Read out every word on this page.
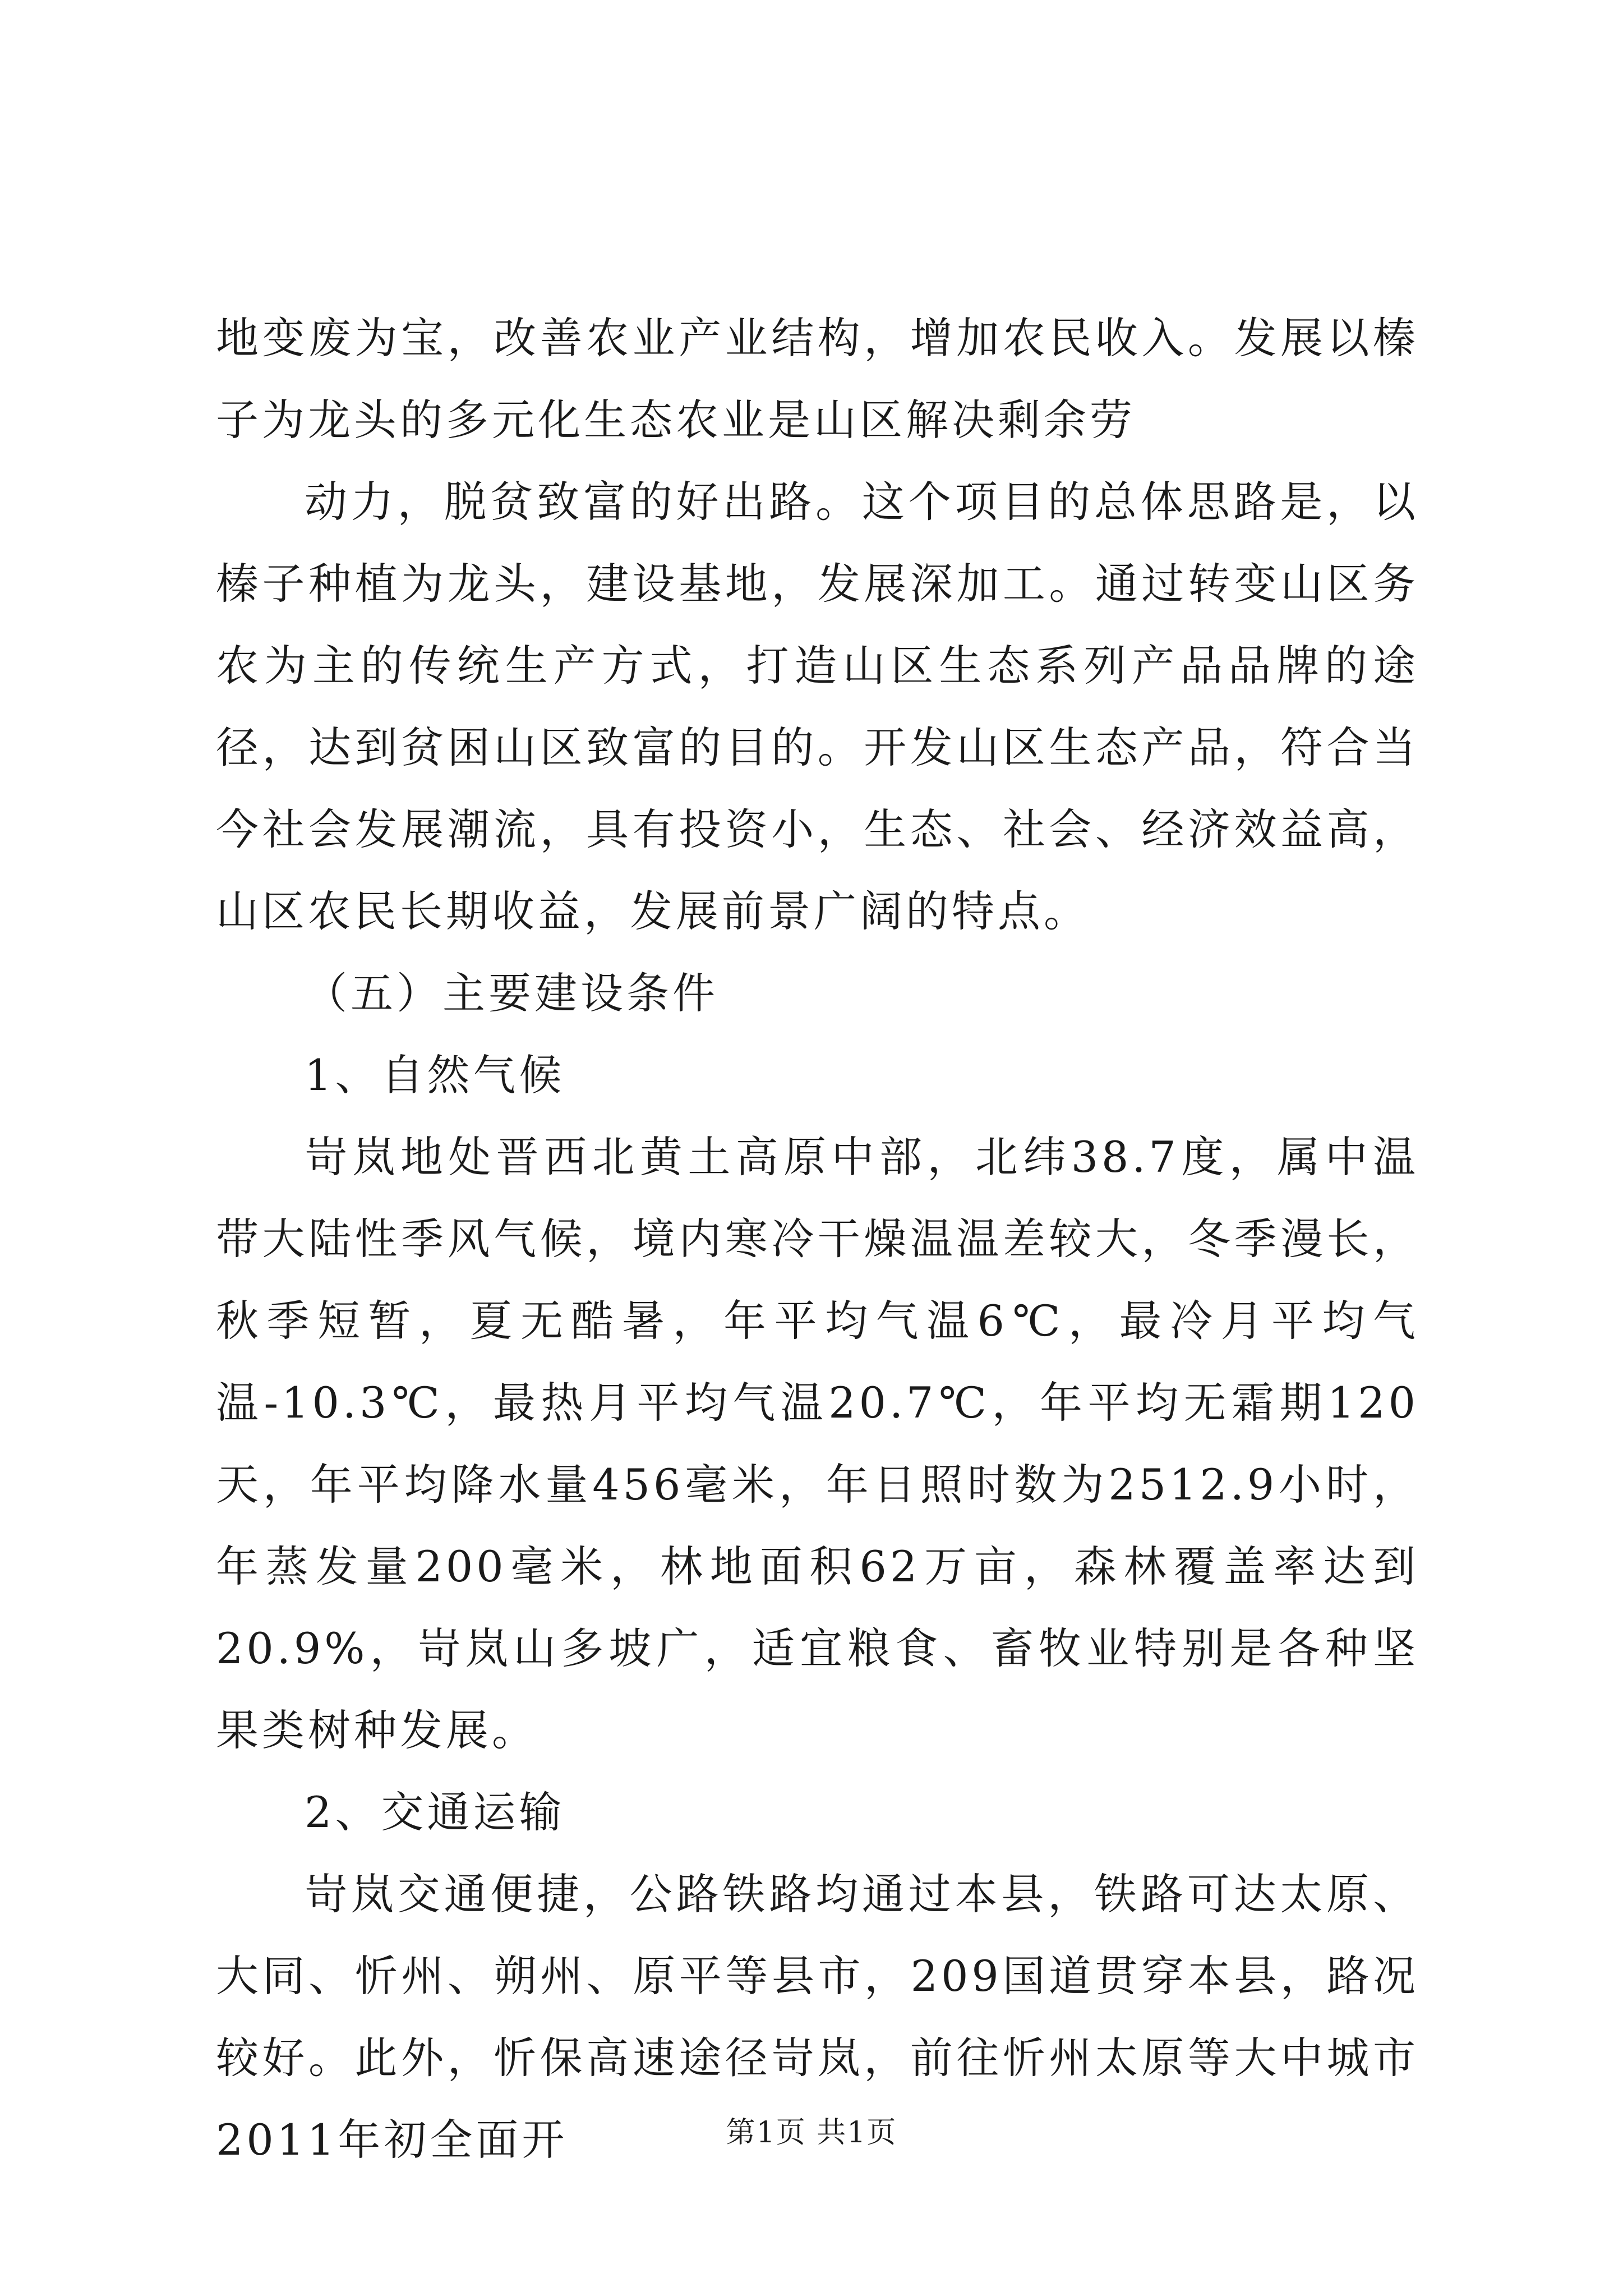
地变废为宝，改善农业产业结构，增加农民收入。发展以榛子为龙头的多元化生态农业是山区解决剩余劳

动力，脱贫致富的好出路。这个项目的总体思路是，以榛子种植为龙头，建设基地，发展深加工。通过转变山区务农为主的传统生产方式，打造山区生态系列产品品牌的途径，达到贫困山区致富的目的。开发山区生态产品，符合当今社会发展潮流，具有投资小，生态、社会、经济效益高，山区农民长期收益，发展前景广阔的特点。

（五）主要建设条件

1、自然气候

岢岚地处晋西北黄土高原中部，北纬38.7度，属中温带大陆性季风气候，境内寒冷干燥温温差较大，冬季漫长，秋季短暂，夏无酷暑，年平均气温6℃，最冷月平均气温-10.3℃，最热月平均气温20.7℃，年平均无霜期120天，年平均降水量456毫米，年日照时数为2512.9小时，年蒸发量200毫米，林地面积62万亩，森林覆盖率达到20.9%，岢岚山多坡广，适宜粮食、畜牧业特别是各种坚果类树种发展。

2、交通运输

岢岚交通便捷，公路铁路均通过本县，铁路可达太原、大同、忻州、朔州、原平等县市，209国道贯穿本县，路况较好。此外，忻保高速途径岢岚，前往忻州太原等大中城市2011年初全面开	第1页 共1页
